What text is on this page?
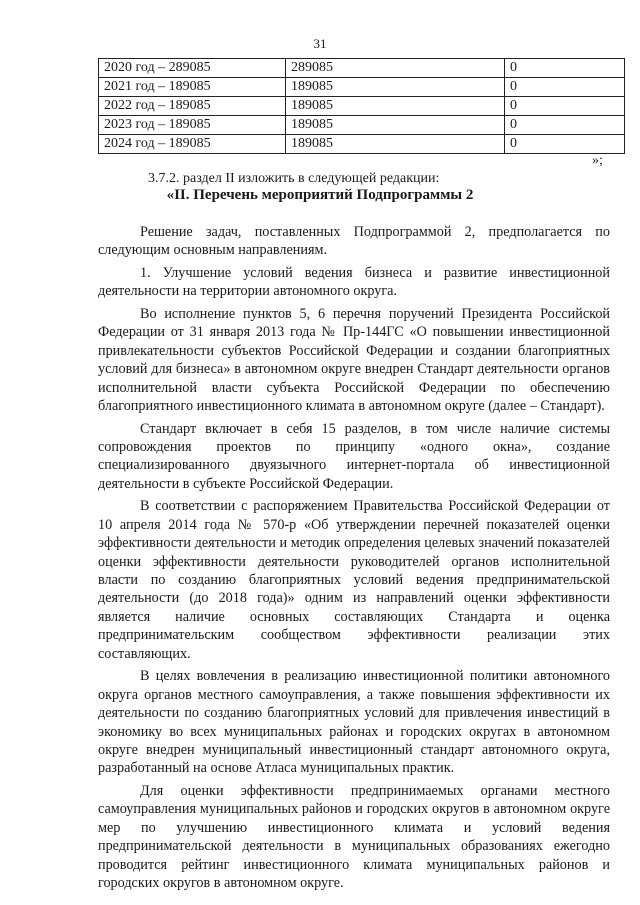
31
2020 год – 289085	289085	0
2021 год – 189085	189085	0
2022 год – 189085	189085	0
2023 год – 189085	189085	0
2024 год – 189085	189085	0
»;
3.7.2. раздел II изложить в следующей редакции:
«II. Перечень мероприятий Подпрограммы 2

Решение задач, поставленных Подпрограммой 2, предполагается по следующим основным направлениям.

1. Улучшение условий ведения бизнеса и развитие инвестиционной деятельности на территории автономного округа.

Во исполнение пунктов 5, 6 перечня поручений Президента Российской Федерации от 31 января 2013 года № Пр-144ГС «О повышении инвестиционной привлекательности субъектов Российской Федерации и создании благоприятных условий для бизнеса» в автономном округе внедрен Стандарт деятельности органов исполнительной власти субъекта Российской Федерации по обеспечению благоприятного инвестиционного климата в автономном округе (далее – Стандарт).

Стандарт включает в себя 15 разделов, в том числе наличие системы сопровождения проектов по принципу «одного окна», создание специализированного двуязычного интернет-портала об инвестиционной деятельности в субъекте Российской Федерации.

В соответствии с распоряжением Правительства Российской Федерации от 10 апреля 2014 года № 570-р «Об утверждении перечней показателей оценки эффективности деятельности и методик определения целевых значений показателей оценки эффективности деятельности руководителей органов исполнительной власти по созданию благоприятных условий ведения предпринимательской деятельности (до 2018 года)» одним из направлений оценки эффективности является наличие основных составляющих Стандарта и оценка предпринимательским сообществом эффективности реализации этих составляющих.

В целях вовлечения в реализацию инвестиционной политики автономного округа органов местного самоуправления, а также повышения эффективности их деятельности по созданию благоприятных условий для привлечения инвестиций в экономику во всех муниципальных районах и городских округах в автономном округе внедрен муниципальный инвестиционный стандарт автономного округа, разработанный на основе Атласа муниципальных практик.

Для оценки эффективности предпринимаемых органами местного самоуправления муниципальных районов и городских округов в автономном округе мер по улучшению инвестиционного климата и условий ведения предпринимательской деятельности в муниципальных образованиях ежегодно проводится рейтинг инвестиционного климата муниципальных районов и городских округов в автономном округе.
